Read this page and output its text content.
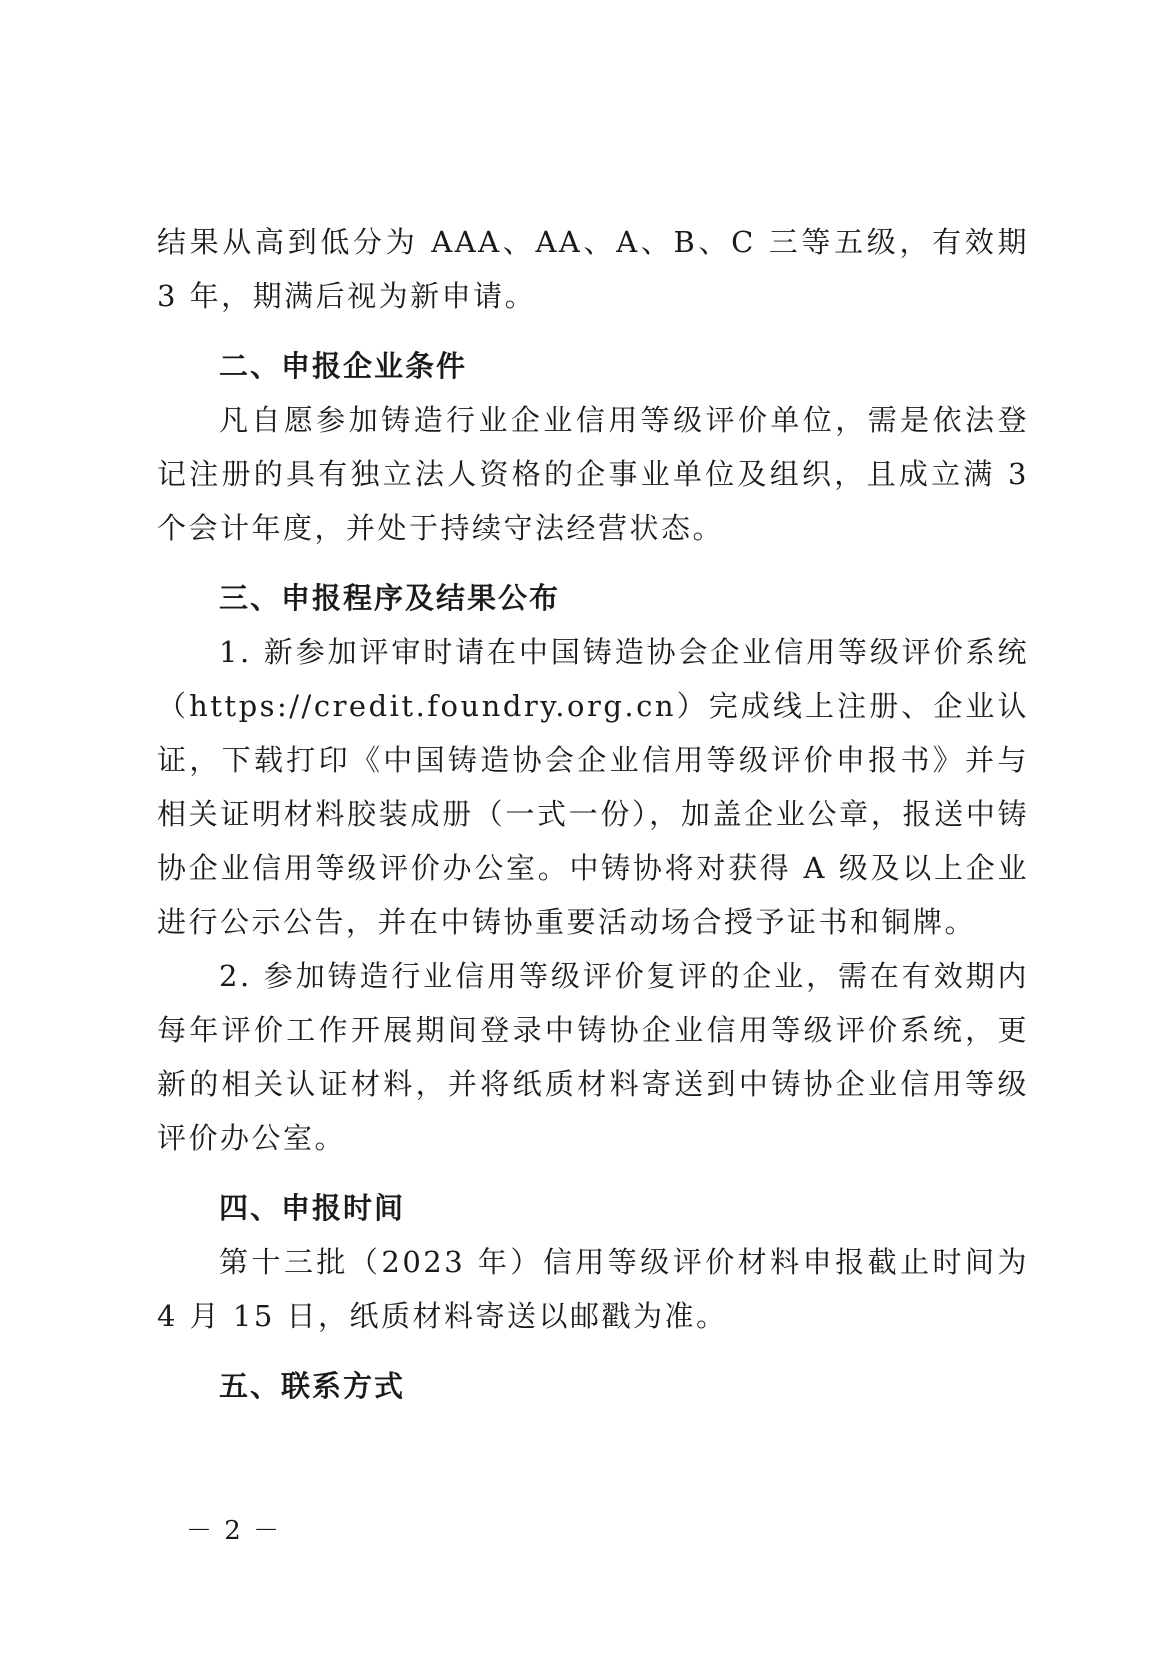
结果从高到低分为 AAA、AA、A、B、C 三等五级，有效期 3 年，期满后视为新申请。

二、申报企业条件

凡自愿参加铸造行业企业信用等级评价单位，需是依法登记注册的具有独立法人资格的企事业单位及组织，且成立满 3 个会计年度，并处于持续守法经营状态。

三、申报程序及结果公布

1. 新参加评审时请在中国铸造协会企业信用等级评价系统（https://credit.foundry.org.cn）完成线上注册、企业认证，下载打印《中国铸造协会企业信用等级评价申报书》并与相关证明材料胶装成册（一式一份），加盖企业公章，报送中铸协企业信用等级评价办公室。中铸协将对获得 A 级及以上企业进行公示公告，并在中铸协重要活动场合授予证书和铜牌。

2. 参加铸造行业信用等级评价复评的企业，需在有效期内每年评价工作开展期间登录中铸协企业信用等级评价系统，更新的相关认证材料，并将纸质材料寄送到中铸协企业信用等级评价办公室。

四、申报时间

第十三批（2023 年）信用等级评价材料申报截止时间为 4 月 15 日，纸质材料寄送以邮戳为准。

五、联系方式
－ 2 －
